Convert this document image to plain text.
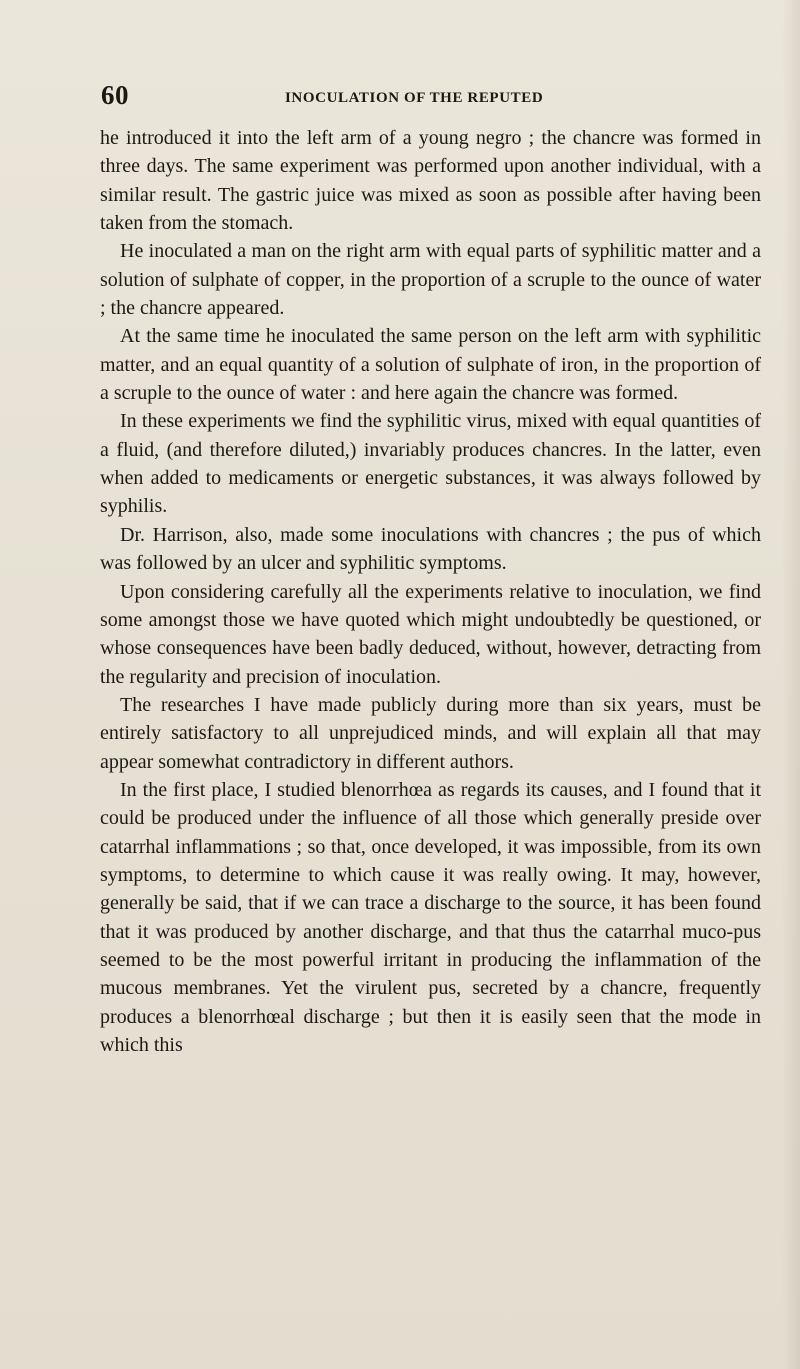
60	INOCULATION OF THE REPUTED

he introduced it into the left arm of a young negro ; the chancre was formed in three days. The same experiment was performed upon another individual, with a similar result. The gastric juice was mixed as soon as possible after having been taken from the stomach.

He inoculated a man on the right arm with equal parts of syphilitic matter and a solution of sulphate of copper, in the proportion of a scruple to the ounce of water ; the chancre appeared.

At the same time he inoculated the same person on the left arm with syphilitic matter, and an equal quantity of a solution of sulphate of iron, in the proportion of a scruple to the ounce of water : and here again the chancre was formed.

In these experiments we find the syphilitic virus, mixed with equal quantities of a fluid, (and therefore diluted,) invariably produces chancres. In the latter, even when added to medicaments or energetic substances, it was always followed by syphilis.

Dr. Harrison, also, made some inoculations with chancres ; the pus of which was followed by an ulcer and syphilitic symptoms.

Upon considering carefully all the experiments relative to inoculation, we find some amongst those we have quoted which might undoubtedly be questioned, or whose consequences have been badly deduced, without, however, detracting from the regularity and precision of inoculation.

The researches I have made publicly during more than six years, must be entirely satisfactory to all unprejudiced minds, and will explain all that may appear somewhat contradictory in different authors.

In the first place, I studied blenorrhœa as regards its causes, and I found that it could be produced under the influence of all those which generally preside over catarrhal inflammations ; so that, once developed, it was impossible, from its own symptoms, to determine to which cause it was really owing. It may, however, generally be said, that if we can trace a discharge to the source, it has been found that it was produced by another discharge, and that thus the catarrhal muco-pus seemed to be the most powerful irritant in producing the inflammation of the mucous membranes. Yet the virulent pus, secreted by a chancre, frequently produces a blenorrhœal discharge ; but then it is easily seen that the mode in which this
